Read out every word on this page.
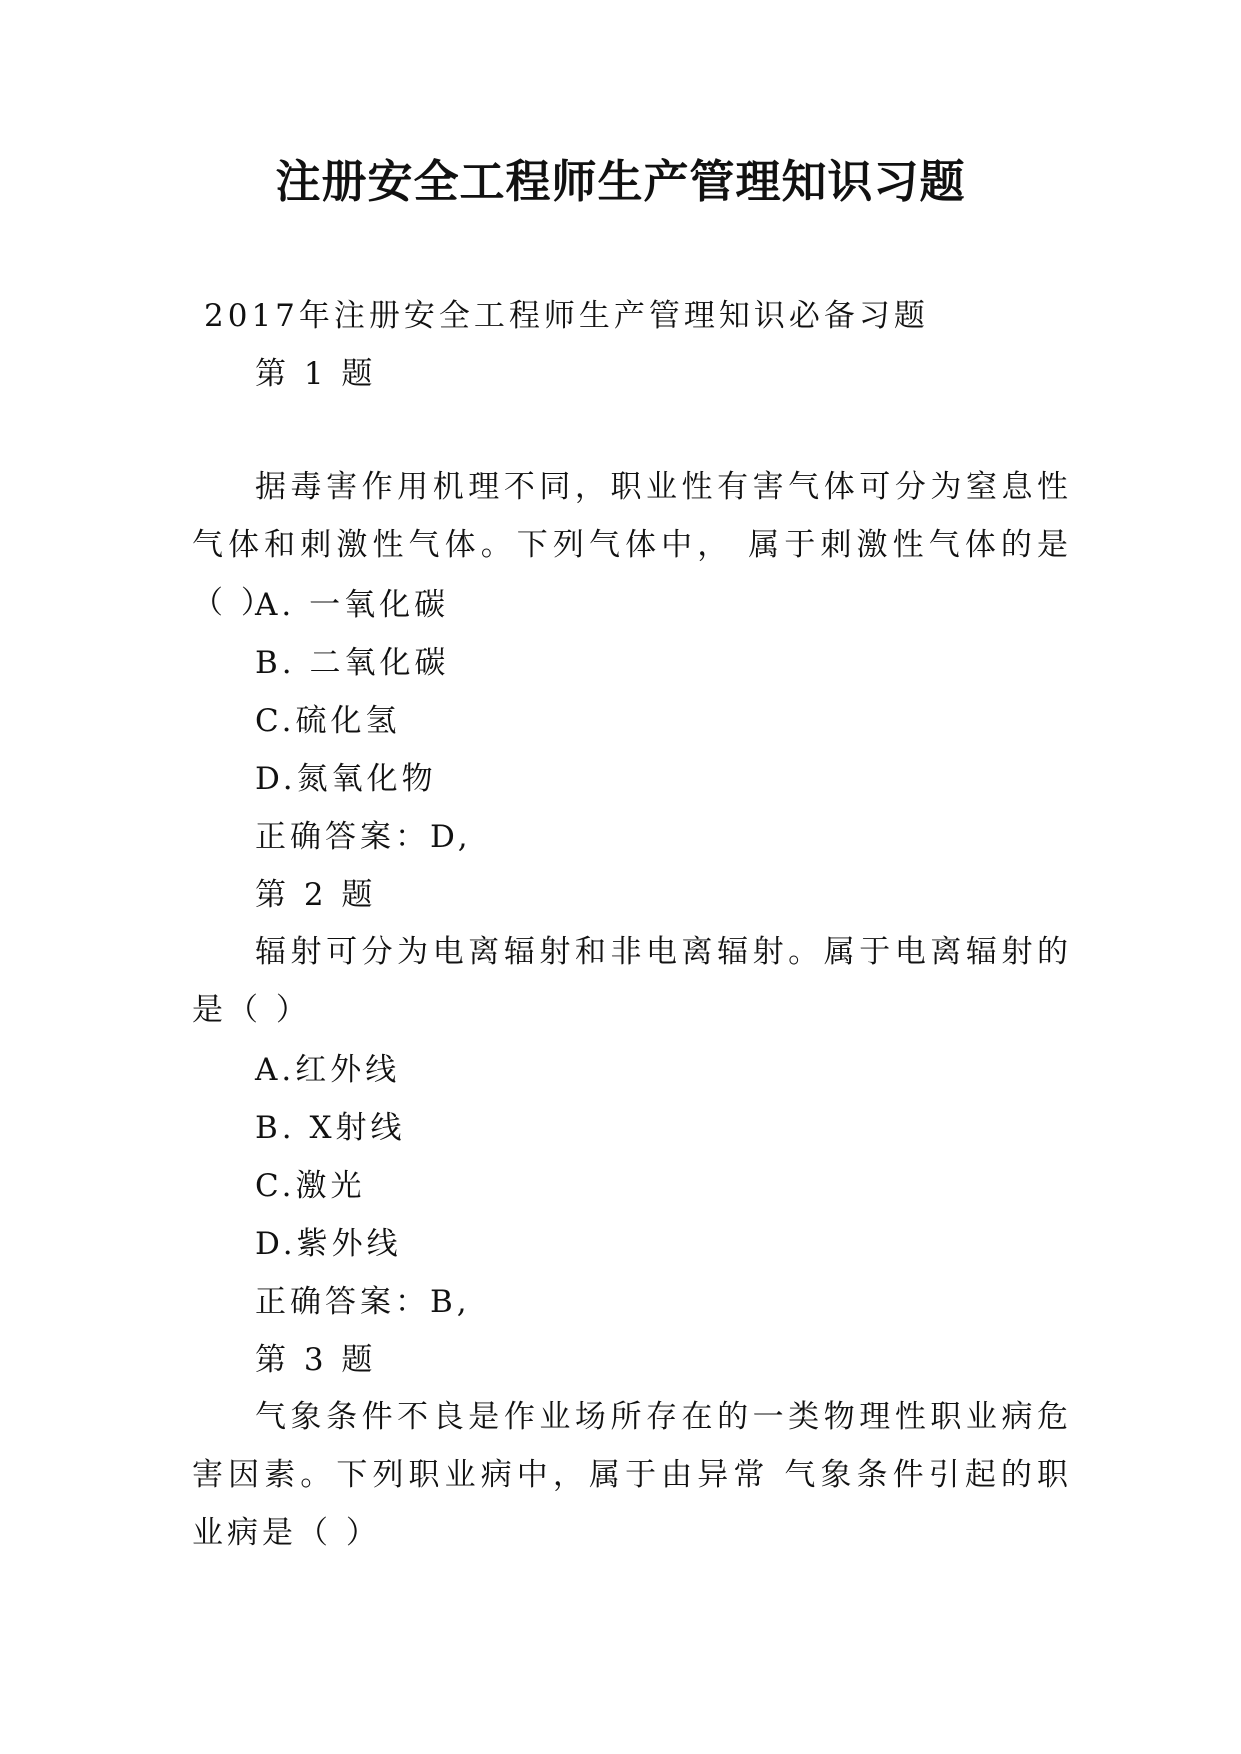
注册安全工程师生产管理知识习题
2017年注册安全工程师生产管理知识必备习题
第 1 题
据毒害作用机理不同，职业性有害气体可分为窒息性气体和刺激性气体。下列气体中， 属于刺激性气体的是（ ）
A. 一氧化碳
B. 二氧化碳
C.硫化氢
D.氮氧化物
正确答案：D,
第 2 题
辐射可分为电离辐射和非电离辐射。属于电离辐射的是（ ）
A.红外线
B. X射线
C.激光
D.紫外线
正确答案：B,
第 3 题
气象条件不良是作业场所存在的一类物理性职业病危害因素。下列职业病中，属于由异常 气象条件引起的职业病是（ ）
